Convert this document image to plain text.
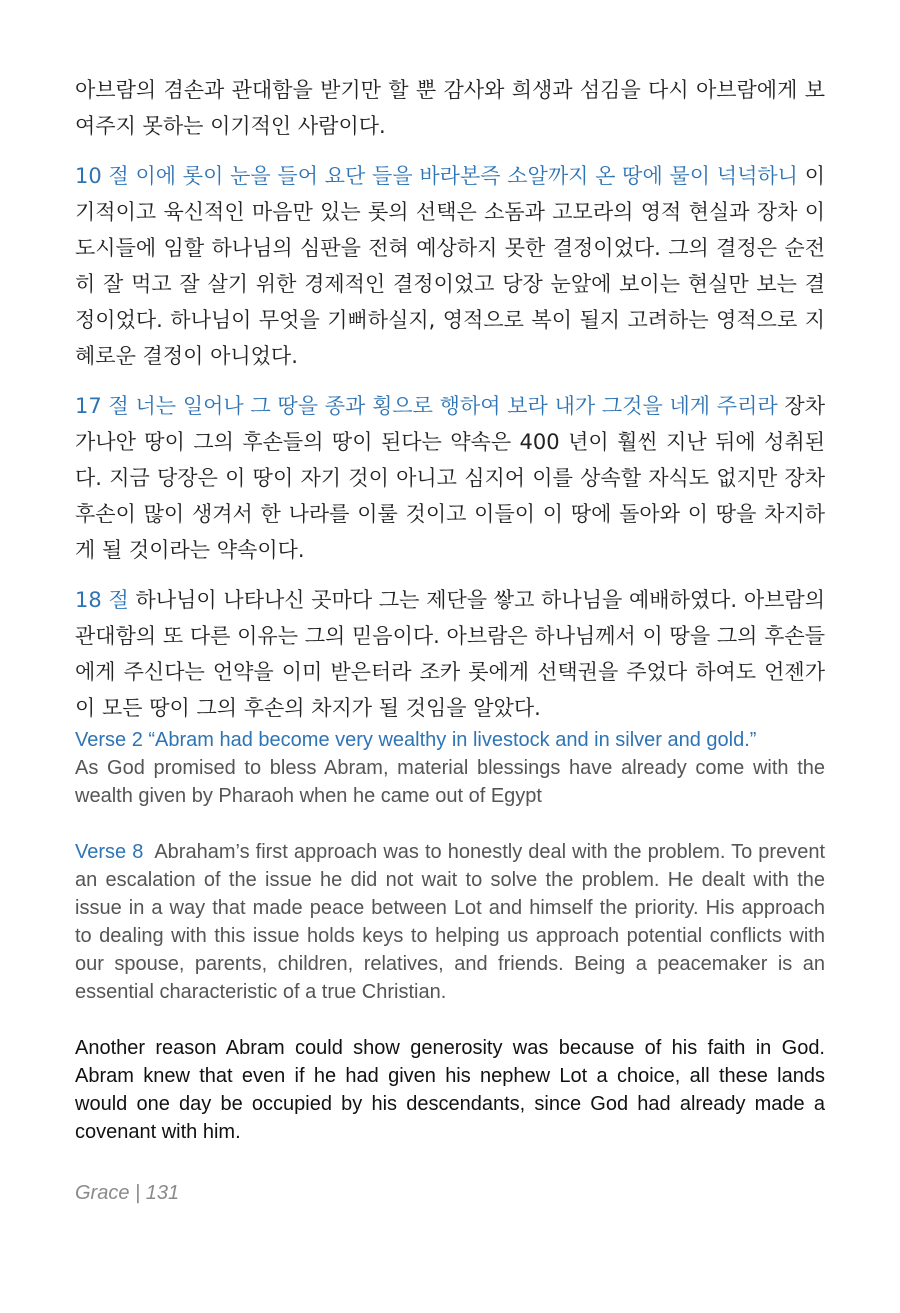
아브람의 겸손과 관대함을 받기만 할 뿐 감사와 희생과 섬김을 다시 아브람에게 보여주지 못하는 이기적인 사람이다.

10 절 이에 롯이 눈을 들어 요단 들을 바라본즉 소알까지 온 땅에 물이 넉넉하니 이기적이고 육신적인 마음만 있는 롯의 선택은 소돔과 고모라의 영적 현실과 장차 이 도시들에 임할 하나님의 심판을 전혀 예상하지 못한 결정이었다. 그의 결정은 순전히 잘 먹고 잘 살기 위한 경제적인 결정이었고 당장 눈앞에 보이는 현실만 보는 결정이었다. 하나님이 무엇을 기뻐하실지, 영적으로 복이 될지 고려하는 영적으로 지혜로운 결정이 아니었다.

17 절 너는 일어나 그 땅을 종과 횡으로 행하여 보라 내가 그것을 네게 주리라 장차 가나안 땅이 그의 후손들의 땅이 된다는 약속은 400 년이 훨씬 지난 뒤에 성취된다. 지금 당장은 이 땅이 자기 것이 아니고 심지어 이를 상속할 자식도 없지만 장차 후손이 많이 생겨서 한 나라를 이룰 것이고 이들이 이 땅에 돌아와 이 땅을 차지하게 될 것이라는 약속이다.

18 절 하나님이 나타나신 곳마다 그는 제단을 쌓고 하나님을 예배하였다. 아브람의 관대함의 또 다른 이유는 그의 믿음이다. 아브람은 하나님께서 이 땅을 그의 후손들에게 주신다는 언약을 이미 받은터라 조카 롯에게 선택권을 주었다 하여도 언젠가 이 모든 땅이 그의 후손의 차지가 될 것임을 알았다.

Verse 2 “Abram had become very wealthy in livestock and in silver and gold.”
As God promised to bless Abram, material blessings have already come with the wealth given by Pharaoh when he came out of Egypt

Verse 8 Abraham’s first approach was to honestly deal with the problem. To prevent an escalation of the issue he did not wait to solve the problem. He dealt with the issue in a way that made peace between Lot and himself the priority. His approach to dealing with this issue holds keys to helping us approach potential conflicts with our spouse, parents, children, relatives, and friends. Being a peacemaker is an essential characteristic of a true Christian.

Another reason Abram could show generosity was because of his faith in God. Abram knew that even if he had given his nephew Lot a choice, all these lands would one day be occupied by his descendants, since God had already made a covenant with him.

Grace | 131
